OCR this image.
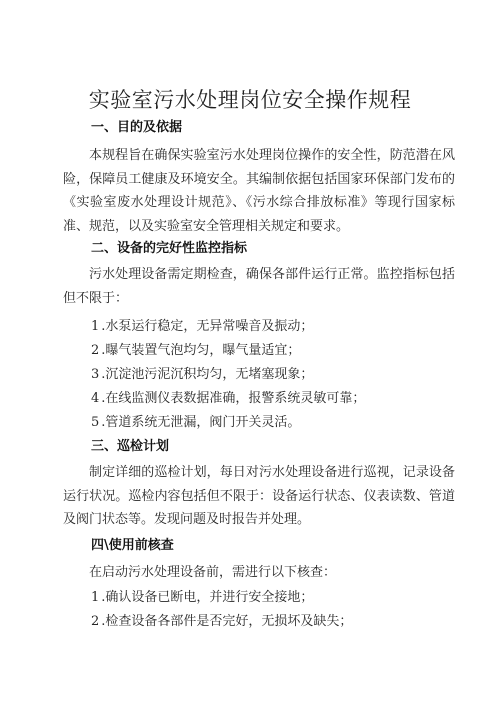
实验室污水处理岗位安全操作规程
一、目的及依据
本规程旨在确保实验室污水处理岗位操作的安全性，防范潜在风险，保障员工健康及环境安全。其编制依据包括国家环保部门发布的《实验室废水处理设计规范》、《污水综合排放标准》等现行国家标准、规范，以及实验室安全管理相关规定和要求。
二、设备的完好性监控指标
污水处理设备需定期检查，确保各部件运行正常。监控指标包括但不限于：
1 .水泵运行稳定，无异常噪音及振动；
2 .曝气装置气泡均匀，曝气量适宜；
3 .沉淀池污泥沉积均匀，无堵塞现象；
4 .在线监测仪表数据准确，报警系统灵敏可靠；
5 .管道系统无泄漏，阀门开关灵活。
三、巡检计划
制定详细的巡检计划，每日对污水处理设备进行巡视，记录设备运行状况。巡检内容包括但不限于：设备运行状态、仪表读数、管道及阀门状态等。发现问题及时报告并处理。
四\使用前核查
在启动污水处理设备前，需进行以下核查：
1 .确认设备已断电，并进行安全接地；
2 .检查设备各部件是否完好，无损坏及缺失；
